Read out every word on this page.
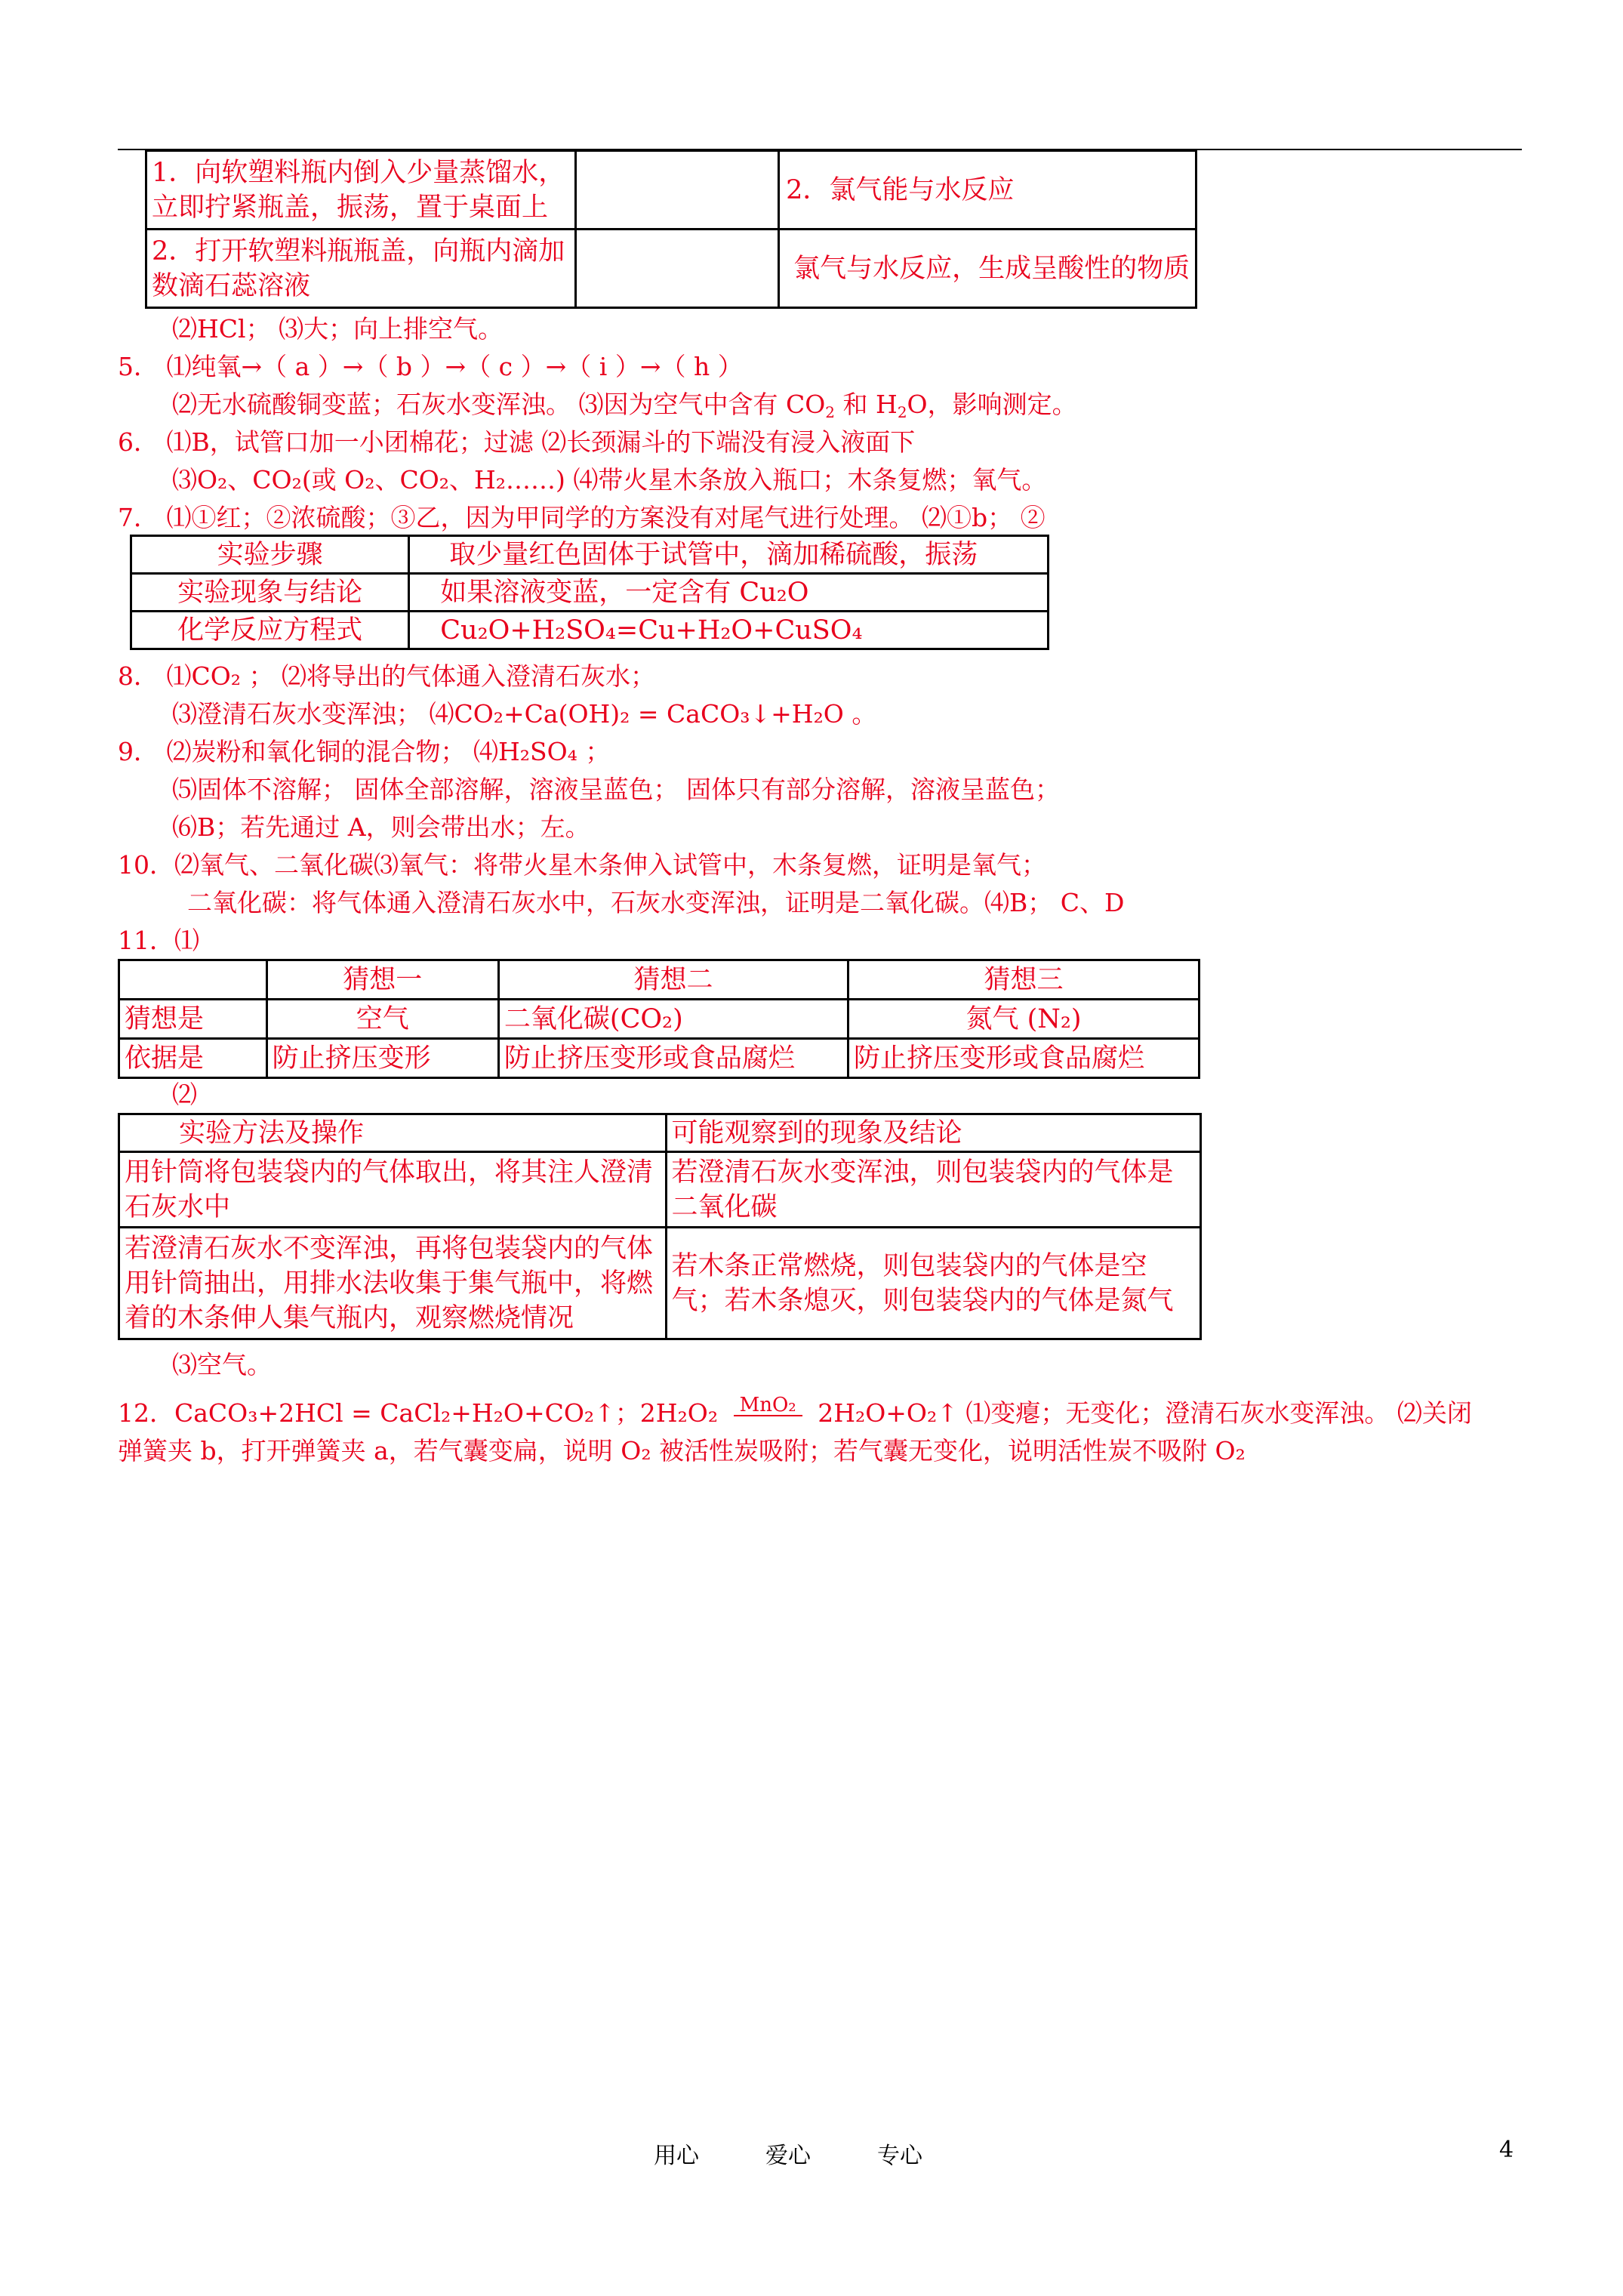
1．向软塑料瓶内倒入少量蒸馏水，立即拧紧瓶盖，振荡，置于桌面上		2．氯气能与水反应
2．打开软塑料瓶瓶盖，向瓶内滴加数滴石蕊溶液		氯气与水反应，生成呈酸性的物质
⑵HCl； ⑶大；向上排空气。
5． ⑴纯氧→（ a ）→（ b ）→（ c ）→（ i ）→（ h ）
⑵无水硫酸铜变蓝；石灰水变浑浊。 ⑶因为空气中含有 $CO_2$ 和 $H_2O$，影响测定。
6． ⑴B，试管口加一小团棉花；过滤 ⑵长颈漏斗的下端没有浸入液面下
⑶O₂、CO₂(或 O₂、CO₂、H₂……) ⑷带火星木条放入瓶口；木条复燃；氧气。
7． ⑴①红；②浓硫酸；③乙，因为甲同学的方案没有对尾气进行处理。 ⑵①b； ②
实验步骤	取少量红色固体于试管中，滴加稀硫酸，振荡
实验现象与结论	如果溶液变蓝，一定含有 Cu₂O
化学反应方程式	Cu₂O+H₂SO₄=Cu+H₂O+CuSO₄
8． ⑴CO₂ ； ⑵将导出的气体通入澄清石灰水；
⑶澄清石灰水变浑浊； ⑷CO₂+Ca(OH)₂ = CaCO₃↓+H₂O 。
9． ⑵炭粉和氧化铜的混合物； ⑷H₂SO₄ ；
⑸固体不溶解； 固体全部溶解，溶液呈蓝色； 固体只有部分溶解，溶液呈蓝色；
⑹B；若先通过 A，则会带出水；左。
10．⑵氧气、二氧化碳⑶氧气：将带火星木条伸入试管中，木条复燃，证明是氧气；
二氧化碳：将气体通入澄清石灰水中，石灰水变浑浊，证明是二氧化碳。⑷B； C、D
11．⑴
	猜想一	猜想二	猜想三
猜想是	空气	二氧化碳(CO₂)	氮气 (N₂)
依据是	防止挤压变形	防止挤压变形或食品腐烂	防止挤压变形或食品腐烂
⑵
实验方法及操作	可能观察到的现象及结论
用针筒将包装袋内的气体取出，将其注人澄清石灰水中	若澄清石灰水变浑浊，则包装袋内的气体是二氧化碳
若澄清石灰水不变浑浊，再将包装袋内的气体用针筒抽出，用排水法收集于集气瓶中，将燃着的木条伸人集气瓶内，观察燃烧情况	若木条正常燃烧，则包装袋内的气体是空气；若木条熄灭，则包装袋内的气体是氮气
⑶空气。
12．CaCO₃+2HCl = CaCl₂+H₂O+CO₂↑；2H₂O₂	MnO₂ 2H₂O+O₂↑ ⑴变瘪；无变化；澄清石灰水变浑浊。 ⑵关闭
弹簧夹 b，打开弹簧夹 a，若气囊变扁，说明 O₂ 被活性炭吸附；若气囊无变化，说明活性炭不吸附 O₂
用心	爱心	专心	4
